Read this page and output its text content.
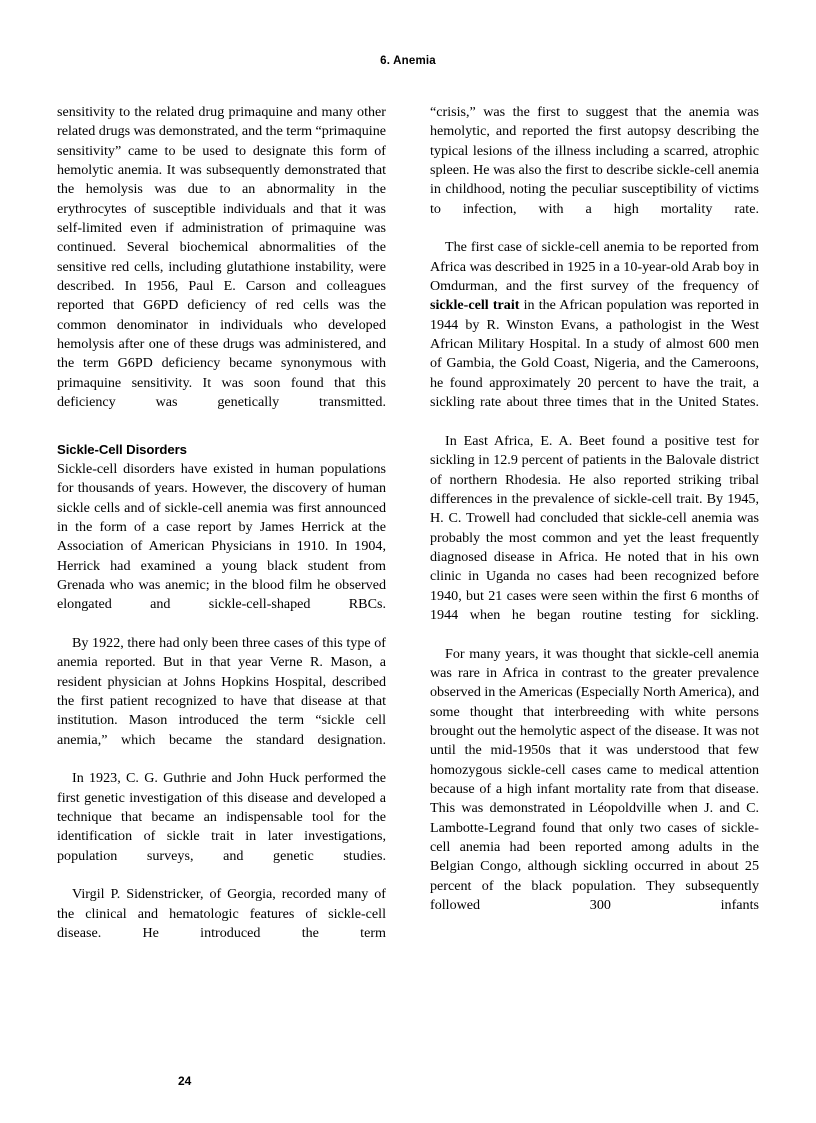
6. Anemia

sensitivity to the related drug primaquine and many other related drugs was demonstrated, and the term “primaquine sensitivity” came to be used to designate this form of hemolytic anemia. It was subsequently demonstrated that the hemolysis was due to an abnormality in the erythrocytes of susceptible individuals and that it was self-limited even if administration of primaquine was continued. Several biochemical abnormalities of the sensitive red cells, including glutathione instability, were described. In 1956, Paul E. Carson and colleagues reported that G6PD deficiency of red cells was the common denominator in individuals who developed hemolysis after one of these drugs was administered, and the term G6PD deficiency became synonymous with primaquine sensitivity. It was soon found that this deficiency was genetically transmitted.

Sickle-Cell Disorders

Sickle-cell disorders have existed in human populations for thousands of years. However, the discovery of human sickle cells and of sickle-cell anemia was first announced in the form of a case report by James Herrick at the Association of American Physicians in 1910. In 1904, Herrick had examined a young black student from Grenada who was anemic; in the blood film he observed elongated and sickle-cell-shaped RBCs.

By 1922, there had only been three cases of this type of anemia reported. But in that year Verne R. Mason, a resident physician at Johns Hopkins Hospital, described the first patient recognized to have that disease at that institution. Mason introduced the term “sickle cell anemia,” which became the standard designation.

In 1923, C. G. Guthrie and John Huck performed the first genetic investigation of this disease and developed a technique that became an indispensable tool for the identification of sickle trait in later investigations, population surveys, and genetic studies.

Virgil P. Sidenstricker, of Georgia, recorded many of the clinical and hematologic features of sickle-cell disease. He introduced the term

“crisis,” was the first to suggest that the anemia was hemolytic, and reported the first autopsy describing the typical lesions of the illness including a scarred, atrophic spleen. He was also the first to describe sickle-cell anemia in childhood, noting the peculiar susceptibility of victims to infection, with a high mortality rate.

The first case of sickle-cell anemia to be reported from Africa was described in 1925 in a 10-year-old Arab boy in Omdurman, and the first survey of the frequency of sickle-cell trait in the African population was reported in 1944 by R. Winston Evans, a pathologist in the West African Military Hospital. In a study of almost 600 men of Gambia, the Gold Coast, Nigeria, and the Cameroons, he found approximately 20 percent to have the trait, a sickling rate about three times that in the United States.

In East Africa, E. A. Beet found a positive test for sickling in 12.9 percent of patients in the Balovale district of northern Rhodesia. He also reported striking tribal differences in the prevalence of sickle-cell trait. By 1945, H. C. Trowell had concluded that sickle-cell anemia was probably the most common and yet the least frequently diagnosed disease in Africa. He noted that in his own clinic in Uganda no cases had been recognized before 1940, but 21 cases were seen within the first 6 months of 1944 when he began routine testing for sickling.

For many years, it was thought that sickle-cell anemia was rare in Africa in contrast to the greater prevalence observed in the Americas (Especially North America), and some thought that interbreeding with white persons brought out the hemolytic aspect of the disease. It was not until the mid-1950s that it was understood that few homozygous sickle-cell cases came to medical attention because of a high infant mortality rate from that disease. This was demonstrated in Léopoldville when J. and C. Lambotte-Legrand found that only two cases of sickle-cell anemia had been reported among adults in the Belgian Congo, although sickling occurred in about 25 percent of the black population. They subsequently followed 300 infants

24
